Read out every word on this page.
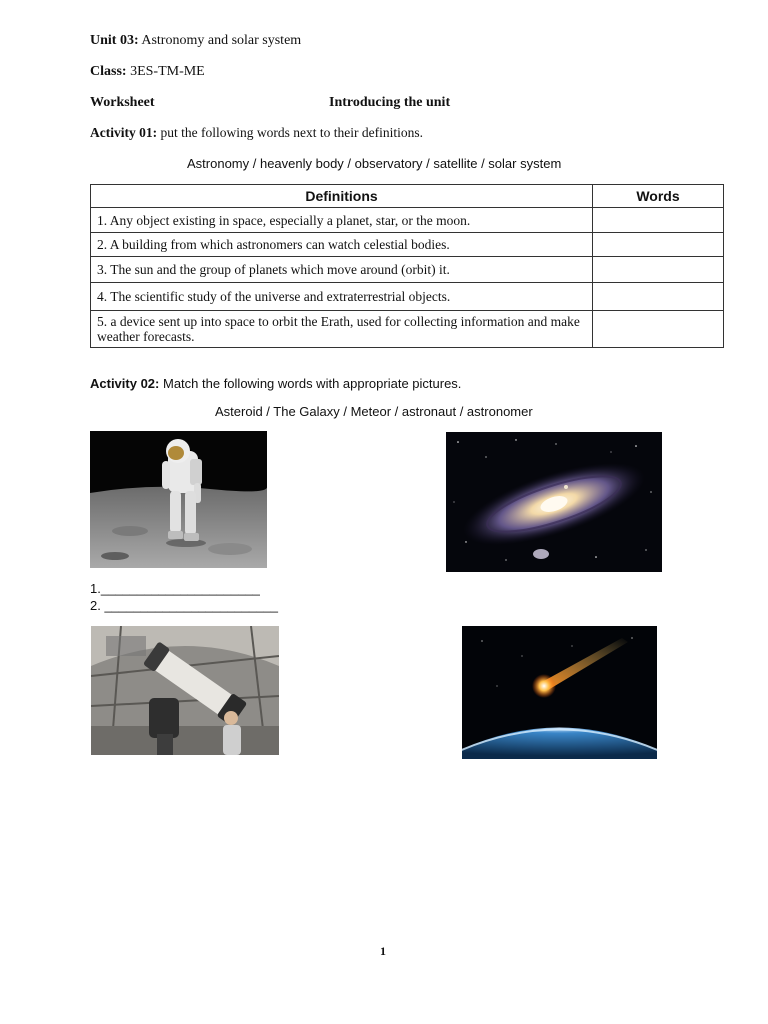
Unit 03: Astronomy and solar system
Class: 3ES-TM-ME
Worksheet	Introducing the unit
Activity 01: put the following words next to their definitions.
Astronomy / heavenly body / observatory / satellite / solar system
Definitions	Words
1. Any object existing in space, especially a planet, star, or the moon.	
2. A building from which astronomers can watch celestial bodies.	
3. The sun and the group of planets which move around (orbit) it.	
4. The scientific study of the universe and extraterrestrial objects.	
5. a device sent up into space to orbit the Erath, used for collecting information and make weather forecasts.	
Activity 02: Match the following words with appropriate pictures.
Asteroid / The Galaxy / Meteor / astronaut / astronomer
1.______________________
2. ________________________
1
